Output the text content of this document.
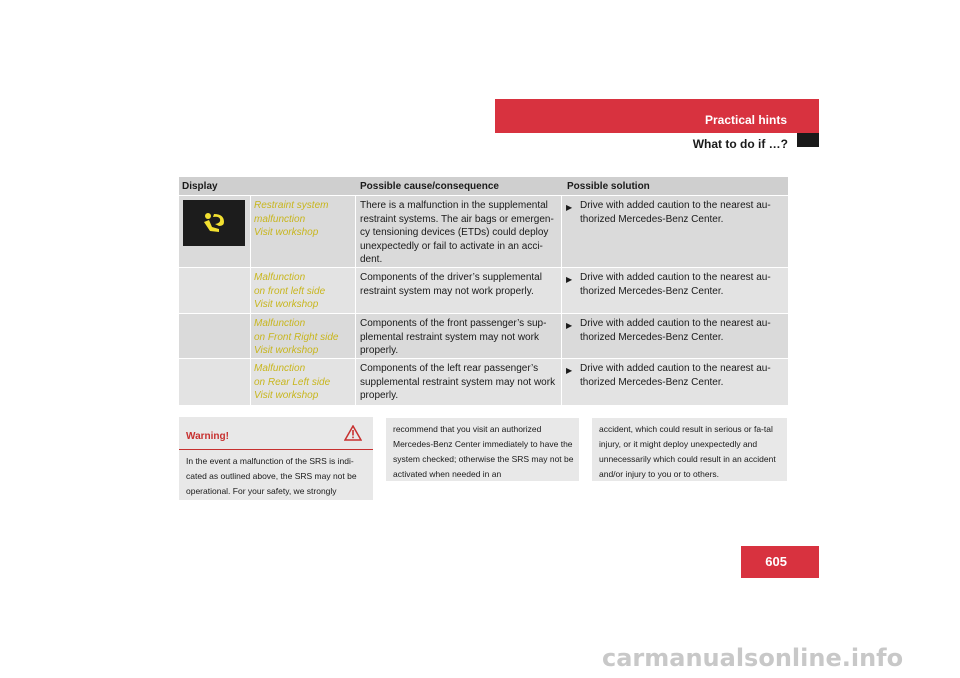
Practical hints
What to do if …?
Display	Possible cause/consequence	Possible solution
Restraint system
malfunction
Visit workshop
There is a malfunction in the supplemental restraint systems. The air bags or emergen-cy tensioning devices (ETDs) could deploy unexpectedly or fail to activate in an acci-dent.
▶ Drive with added caution to the nearest au-thorized Mercedes-Benz Center.
Malfunction
on front left side
Visit workshop
Components of the driver’s supplemental restraint system may not work properly.
▶ Drive with added caution to the nearest au-thorized Mercedes-Benz Center.
Malfunction
on Front Right side
Visit workshop
Components of the front passenger’s sup-plemental restraint system may not work properly.
▶ Drive with added caution to the nearest au-thorized Mercedes-Benz Center.
Malfunction
on Rear Left side
Visit workshop
Components of the left rear passenger’s supplemental restraint system may not work properly.
▶ Drive with added caution to the nearest au-thorized Mercedes-Benz Center.
Warning!
In the event a malfunction of the SRS is indi-cated as outlined above, the SRS may not be operational. For your safety, we strongly
recommend that you visit an authorized Mercedes-Benz Center immediately to have the system checked; otherwise the SRS may not be activated when needed in an
accident, which could result in serious or fa-tal injury, or it might deploy unexpectedly and unnecessarily which could result in an accident and/or injury to you or to others.
605
carmanualsonline.info
